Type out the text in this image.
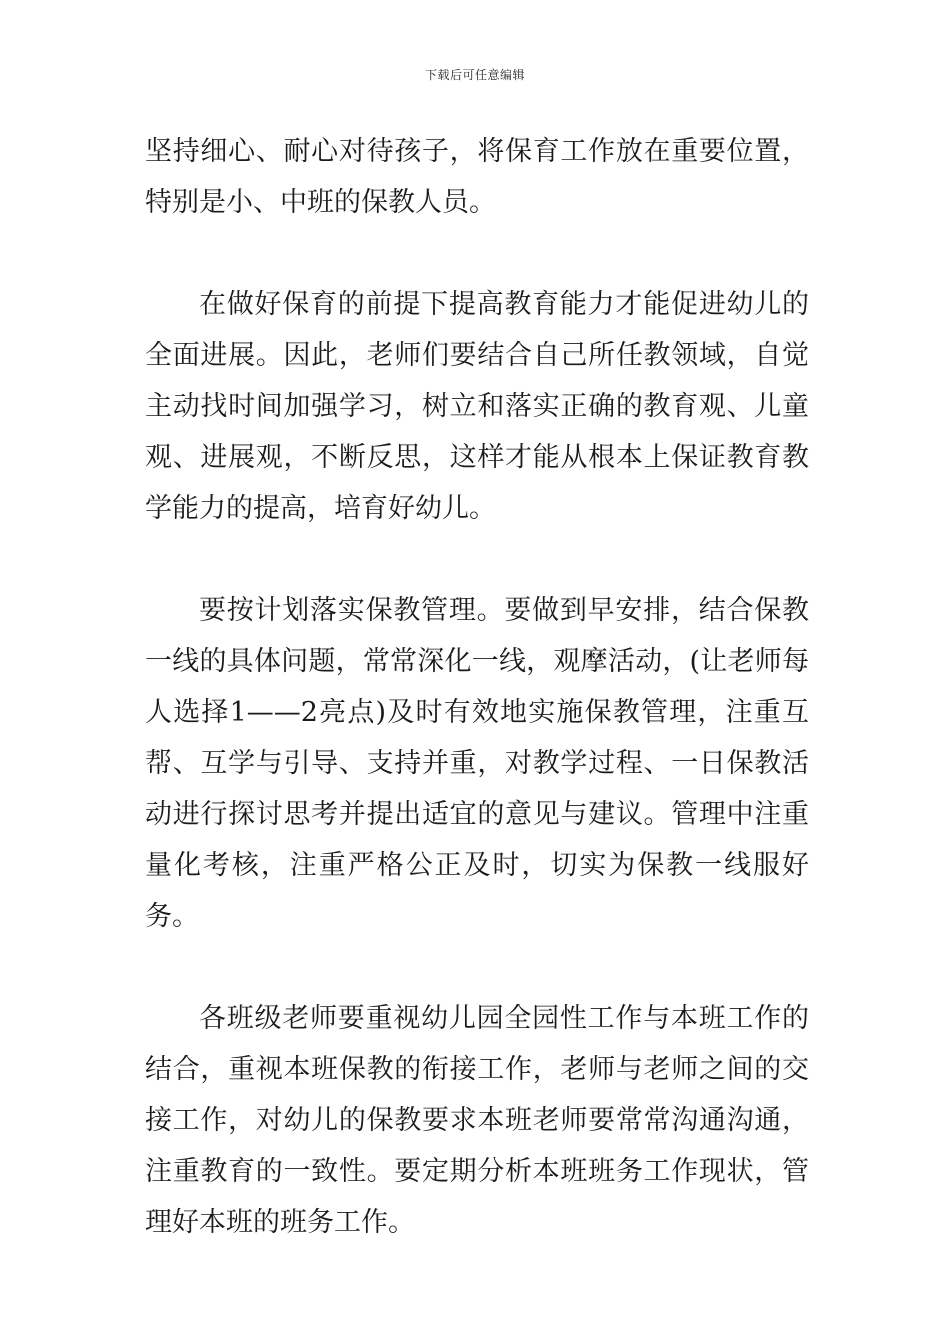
下载后可任意编辑

坚持细心、耐心对待孩子，将保育工作放在重要位置，特别是小、中班的保教人员。

在做好保育的前提下提高教育能力才能促进幼儿的全面进展。因此，老师们要结合自己所任教领域，自觉主动找时间加强学习，树立和落实正确的教育观、儿童观、进展观，不断反思，这样才能从根本上保证教育教学能力的提高，培育好幼儿。

要按计划落实保教管理。要做到早安排，结合保教一线的具体问题，常常深化一线，观摩活动，(让老师每人选择1——2亮点)及时有效地实施保教管理，注重互帮、互学与引导、支持并重，对教学过程、一日保教活动进行探讨思考并提出适宜的意见与建议。管理中注重量化考核，注重严格公正及时，切实为保教一线服好务。

各班级老师要重视幼儿园全园性工作与本班工作的结合，重视本班保教的衔接工作，老师与老师之间的交接工作，对幼儿的保教要求本班老师要常常沟通沟通，注重教育的一致性。要定期分析本班班务工作现状，管理好本班的班务工作。
